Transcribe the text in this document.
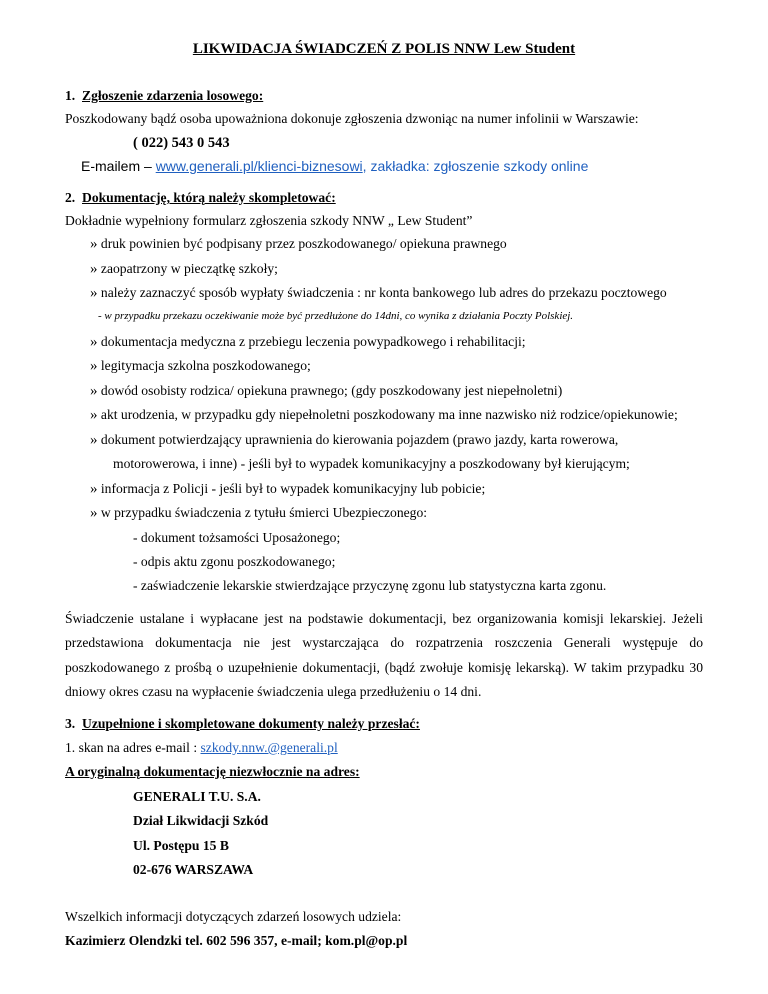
LIKWIDACJA ŚWIADCZEŃ Z POLIS NNW Lew Student
1. Zgłoszenie zdarzenia losowego:
Poszkodowany bądź osoba upoważniona dokonuje zgłoszenia dzwoniąc na numer infolinii w Warszawie:
( 022) 543 0 543
E-mailem – www.generali.pl/klienci-biznesowi, zakładka: zgłoszenie szkody online
2. Dokumentację, którą należy skompletować:
Dokładnie wypełniony formularz zgłoszenia szkody NNW „ Lew Student”
» druk powinien być podpisany przez poszkodowanego/ opiekuna prawnego
» zaopatrzony w pieczątkę szkoły;
» należy zaznaczyć sposób wypłaty świadczenia : nr konta bankowego lub adres do przekazu pocztowego
- w przypadku przekazu oczekiwanie może być przedłużone do 14dni, co wynika z działania Poczty Polskiej.
» dokumentacja medyczna z przebiegu leczenia powypadkowego i rehabilitacji;
» legitymacja szkolna poszkodowanego;
» dowód osobisty rodzica/ opiekuna prawnego; (gdy poszkodowany jest niepełnoletni)
» akt urodzenia, w przypadku gdy niepełnoletni poszkodowany ma inne nazwisko niż rodzice/opiekunowie;
» dokument potwierdzający uprawnienia do kierowania pojazdem (prawo jazdy, karta rowerowa,
motorowerowa, i inne) - jeśli był to wypadek komunikacyjny a poszkodowany był kierującym;
» informacja z Policji - jeśli był to wypadek komunikacyjny lub pobicie;
» w przypadku świadczenia z tytułu śmierci Ubezpieczonego:
- dokument tożsamości Uposażonego;
- odpis aktu zgonu poszkodowanego;
- zaświadczenie lekarskie stwierdzające przyczynę zgonu lub statystyczna karta zgonu.
Świadczenie ustalane i wypłacane jest na podstawie dokumentacji, bez organizowania komisji lekarskiej. Jeżeli
przedstawiona dokumentacja nie jest wystarczająca do rozpatrzenia roszczenia Generali występuje do
poszkodowanego z prośbą o uzupełnienie dokumentacji, (bądź zwołuje komisję lekarską). W takim przypadku 30
dniowy okres czasu na wypłacenie świadczenia ulega przedłużeniu o 14 dni.
3. Uzupełnione i skompletowane dokumenty należy przesłać:
1. skan na adres e-mail : szkody.nnw.@generali.pl
A oryginalną dokumentację niezwłocznie na adres:
GENERALI T.U. S.A.
Dział Likwidacji Szkód
Ul. Postępu 15 B
02-676 WARSZAWA
Wszelkich informacji dotyczących zdarzeń losowych udziela:
Kazimierz Olendzki tel. 602 596 357, e-mail; kom.pl@op.pl
